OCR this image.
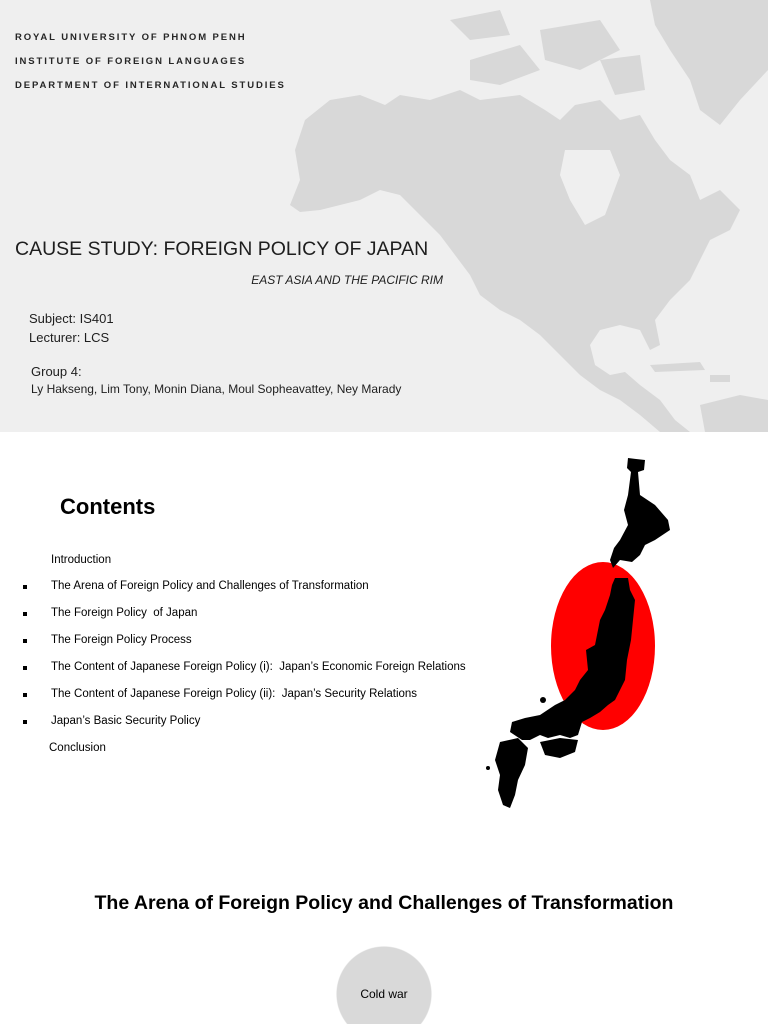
ROYAL UNIVERSITY OF PHNOM PENH
INSTITUTE OF FOREIGN LANGUAGES
DEPARTMENT OF INTERNATIONAL STUDIES
CAUSE STUDY: FOREIGN POLICY OF JAPAN
EAST ASIA AND THE PACIFIC RIM
Subject: IS401
Lecturer: LCS
Group 4:
Ly Hakseng, Lim Tony, Monin Diana, Moul Sopheavattey, Ney Marady
Contents
Introduction
The Arena of Foreign Policy and Challenges of Transformation
The Foreign Policy  of Japan
The Foreign Policy Process
The Content of Japanese Foreign Policy (i):  Japan’s Economic Foreign Relations
The Content of Japanese Foreign Policy (ii):  Japan’s Security Relations
Japan’s Basic Security Policy
Conclusion
The Arena of Foreign Policy and Challenges of Transformation
Cold war
